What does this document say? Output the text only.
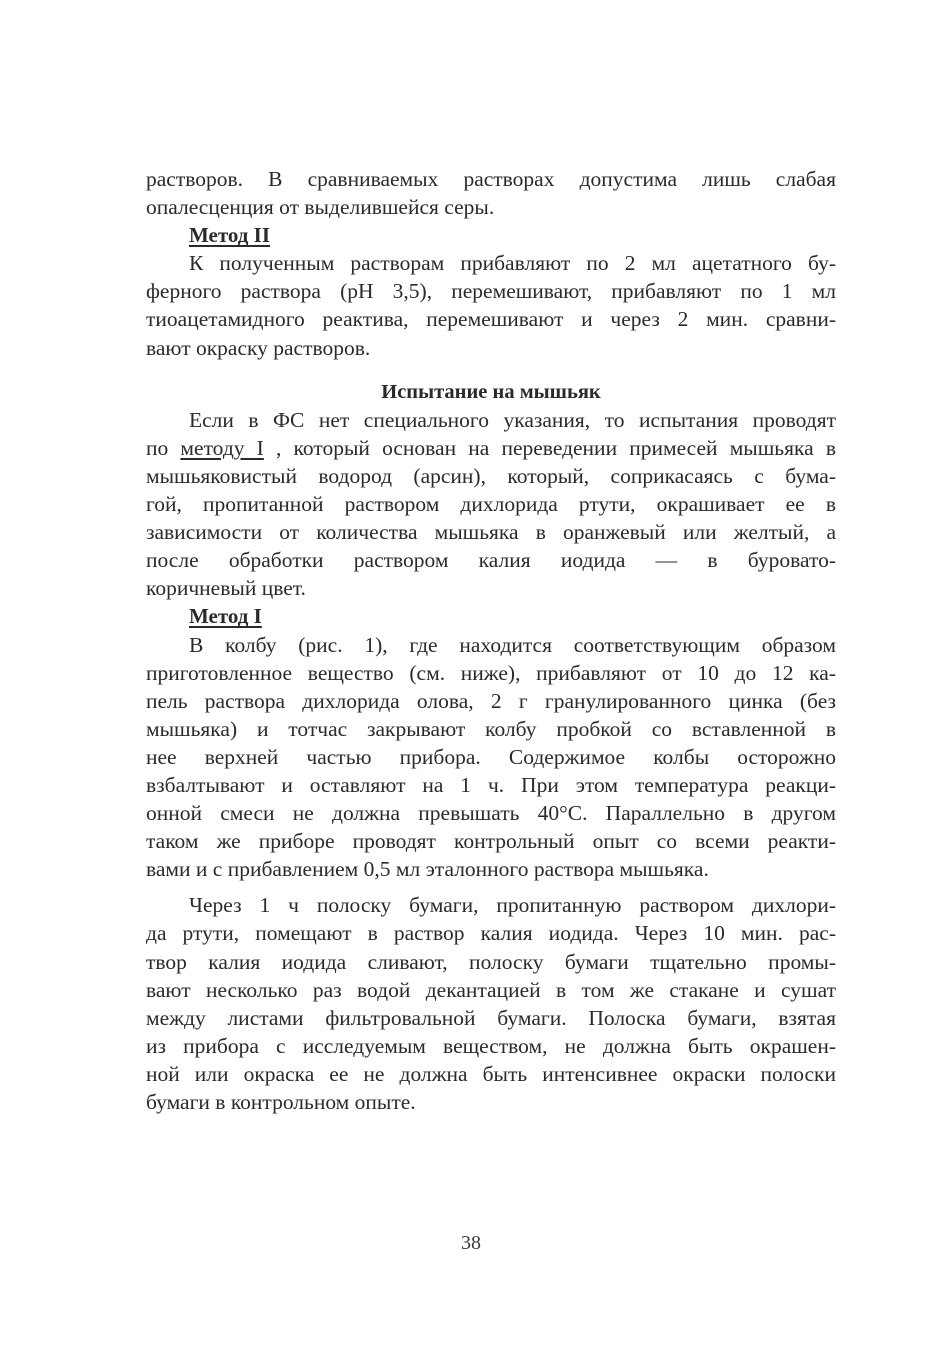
растворов. В сравниваемых растворах допустима лишь слабая
опалесценция от выделившейся серы.
Метод II
К полученным растворам прибавляют по 2 мл ацетатного бу-
ферного раствора (pH 3,5), перемешивают, прибавляют по 1 мл
тиоацетамидного реактива, перемешивают и через 2 мин. сравни-
вают окраску растворов.
Испытание на мышьяк
Если в ФС нет специального указания, то испытания проводят
по методу I , который основан на переведении примесей мышьяка в
мышьяковистый водород (арсин), который, соприкасаясь с бума-
гой, пропитанной раствором дихлорида ртути, окрашивает ее в
зависимости от количества мышьяка в оранжевый или желтый, а
после обработки раствором калия иодида — в буровато-
коричневый цвет.
Метод I
В колбу (рис. 1), где находится соответствующим образом
приготовленное вещество (см. ниже), прибавляют от 10 до 12 ка-
пель раствора дихлорида олова, 2 г гранулированного цинка (без
мышьяка) и тотчас закрывают колбу пробкой со вставленной в
нее верхней частью прибора. Содержимое колбы осторожно
взбалтывают и оставляют на 1 ч. При этом температура реакци-
онной смеси не должна превышать 40°C. Параллельно в другом
таком же приборе проводят контрольный опыт со всеми реакти-
вами и с прибавлением 0,5 мл эталонного раствора мышьяка.
Через 1 ч полоску бумаги, пропитанную раствором дихлори-
да ртути, помещают в раствор калия иодида. Через 10 мин. рас-
твор калия иодида сливают, полоску бумаги тщательно промы-
вают несколько раз водой декантацией в том же стакане и сушат
между листами фильтровальной бумаги. Полоска бумаги, взятая
из прибора с исследуемым веществом, не должна быть окрашен-
ной или окраска ее не должна быть интенсивнее окраски полоски
бумаги в контрольном опыте.
38
